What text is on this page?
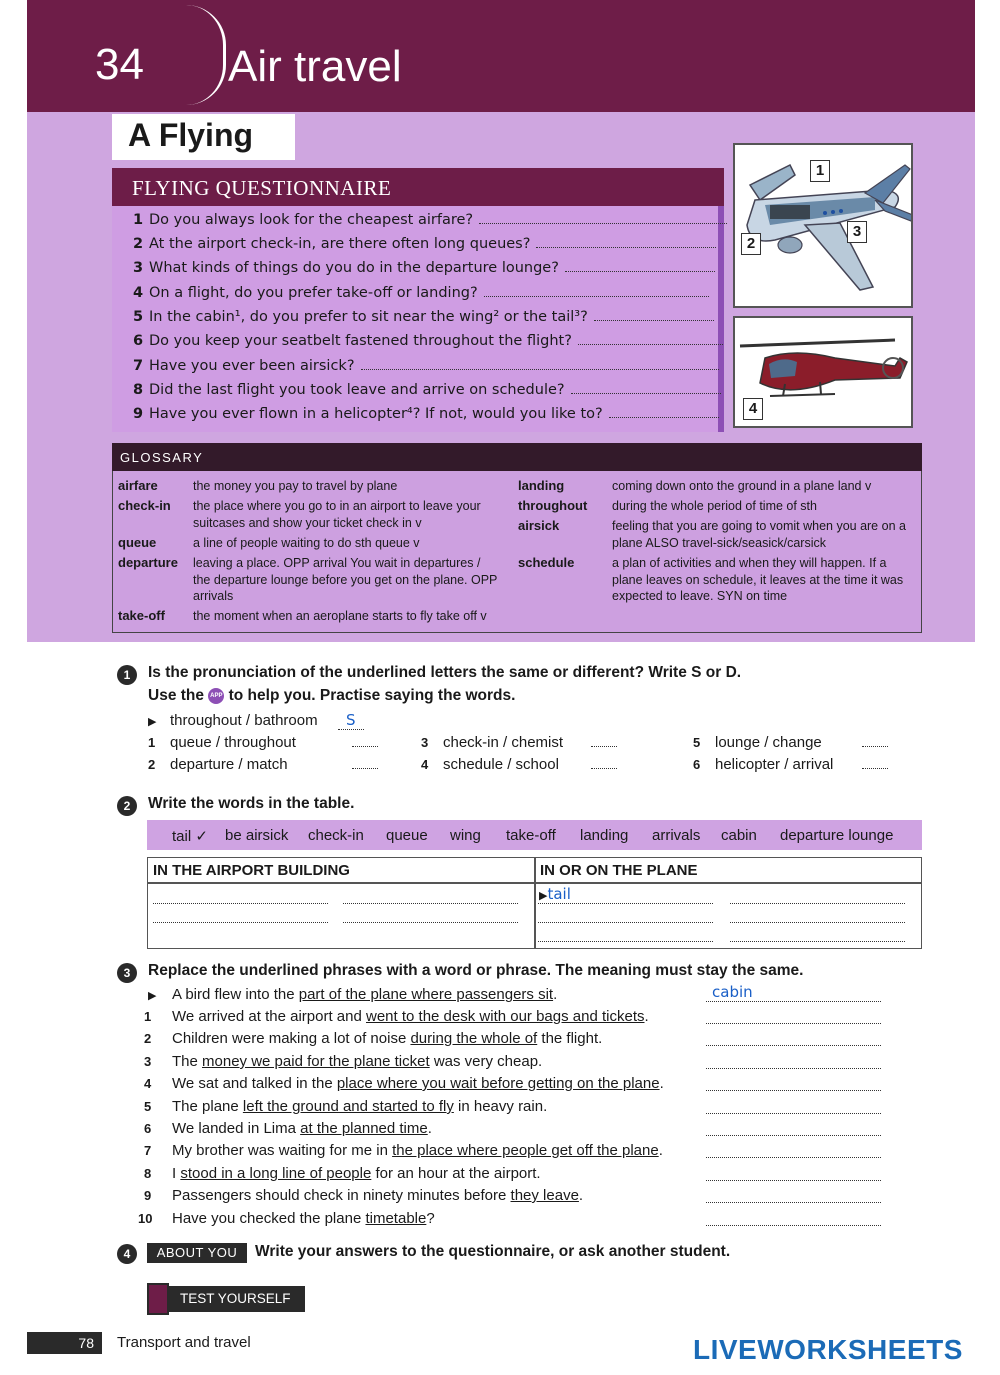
34 Air travel
A Flying
FLYING QUESTIONNAIRE
1 Do you always look for the cheapest airfare?
2 At the airport check-in, are there often long queues?
3 What kinds of things do you do in the departure lounge?
4 On a flight, do you prefer take-off or landing?
5 In the cabin¹, do you prefer to sit near the wing² or the tail³?
6 Do you keep your seatbelt fastened throughout the flight?
7 Have you ever been airsick?
8 Did the last flight you took leave and arrive on schedule?
9 Have you ever flown in a helicopter⁴? If not, would you like to?
1
2
3
4
GLOSSARY
airfare	the money you pay to travel by plane
check-in the place where you go to in an airport to leave your suitcases and show your ticket check in v
queue	a line of people waiting to do sth queue v
departure leaving a place. OPP arrival You wait in departures / the departure lounge before you get on the plane. OPP arrivals
take-off the moment when an aeroplane starts to fly take off v
landing	coming down onto the ground in a plane land v
throughout during the whole period of time of sth
airsick	feeling that you are going to vomit when you are on a plane ALSO travel-sick/seasick/carsick
schedule	a plan of activities and when they will happen. If a plane leaves on schedule, it leaves at the time it was expected to leave. SYN on time
1	Is the pronunciation of the underlined letters the same or different? Write S or D.
Use the APP to help you. Practise saying the words.
▶ throughout / bathroom S
1 queue / throughout
2 departure / match
3 check-in / chemist
4 schedule / school
5 lounge / change
6 helicopter / arrival
2	Write the words in the table.
tail ✓ be airsick check-in queue wing take-off landing arrivals cabin departure lounge
IN THE AIRPORT BUILDING	IN OR ON THE PLANE
▶tail
3	Replace the underlined phrases with a word or phrase. The meaning must stay the same.
▶ A bird flew into the part of the plane where passengers sit.	cabin
1 We arrived at the airport and went to the desk with our bags and tickets.
2 Children were making a lot of noise during the whole of the flight.
3 The money we paid for the plane ticket was very cheap.
4 We sat and talked in the place where you wait before getting on the plane.
5 The plane left the ground and started to fly in heavy rain.
6 We landed in Lima at the planned time.
7 My brother was waiting for me in the place where people get off the plane.
8 I stood in a long line of people for an hour at the airport.
9 Passengers should check in ninety minutes before they leave.
10 Have you checked the plane timetable?
4	ABOUT YOU	Write your answers to the questionnaire, or ask another student.
TEST YOURSELF
78	Transport and travel	LIVEWORKSHEETS
